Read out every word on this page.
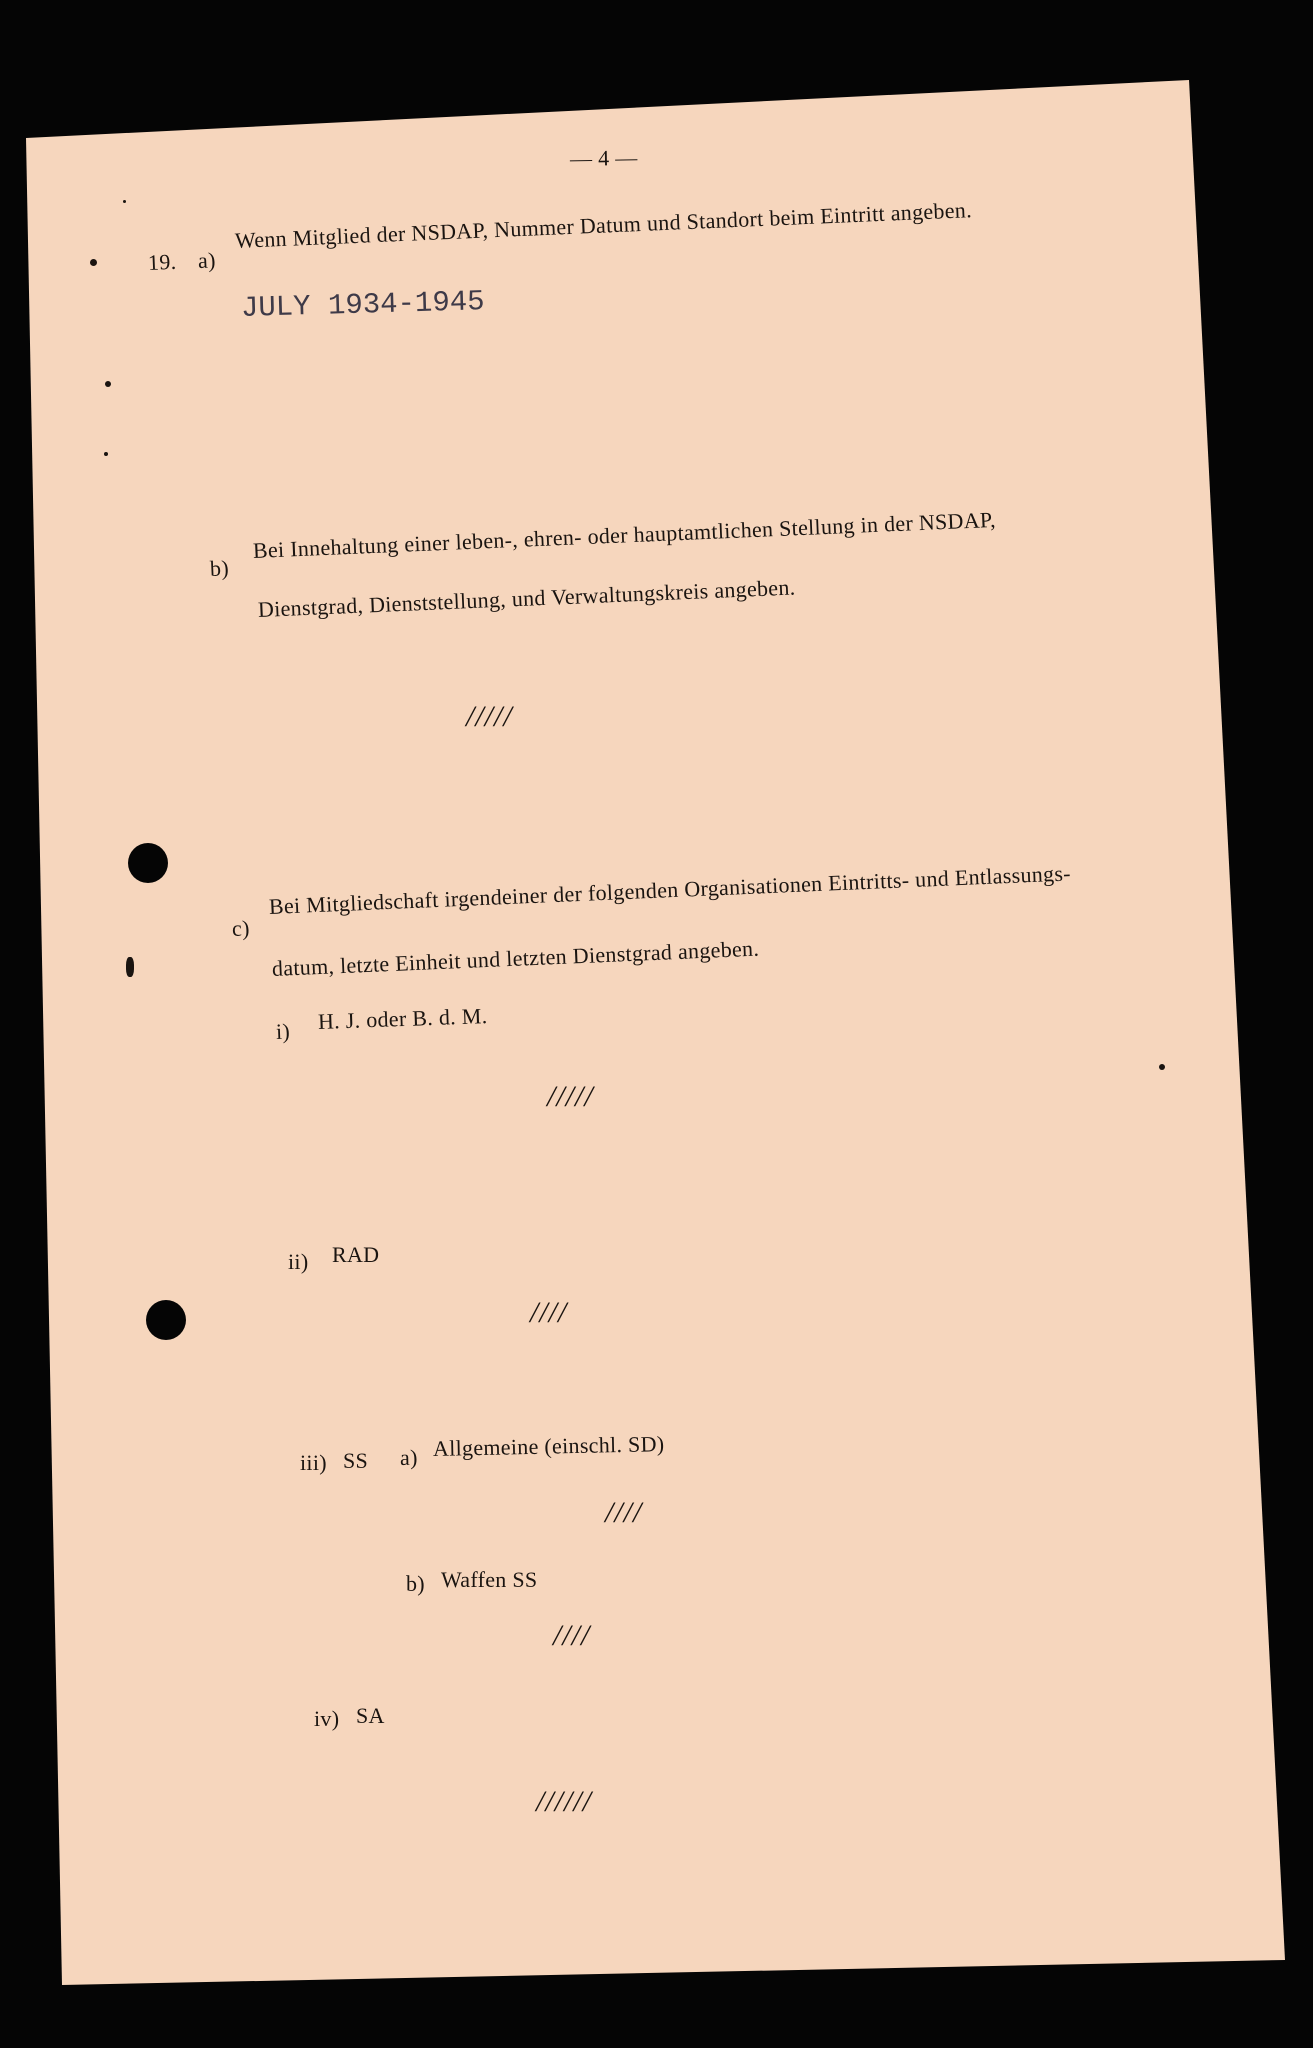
— 4 —
19. a)
Wenn Mitglied der NSDAP, Nummer Datum und Standort beim Eintritt angeben.
JULY 1934-1945
b)
Bei Innehaltung einer leben-, ehren- oder hauptamtlichen Stellung in der NSDAP,
Dienstgrad, Dienststellung, und Verwaltungskreis angeben.
/////
c)
Bei Mitgliedschaft irgendeiner der folgenden Organisationen Eintritts- und Entlassungs-
datum, letzte Einheit und letzten Dienstgrad angeben.
i) H. J. oder B. d. M.
/////
ii) RAD
////
iii) SS a) Allgemeine (einschl. SD)
////
b) Waffen SS
////
iv) SA
//////
